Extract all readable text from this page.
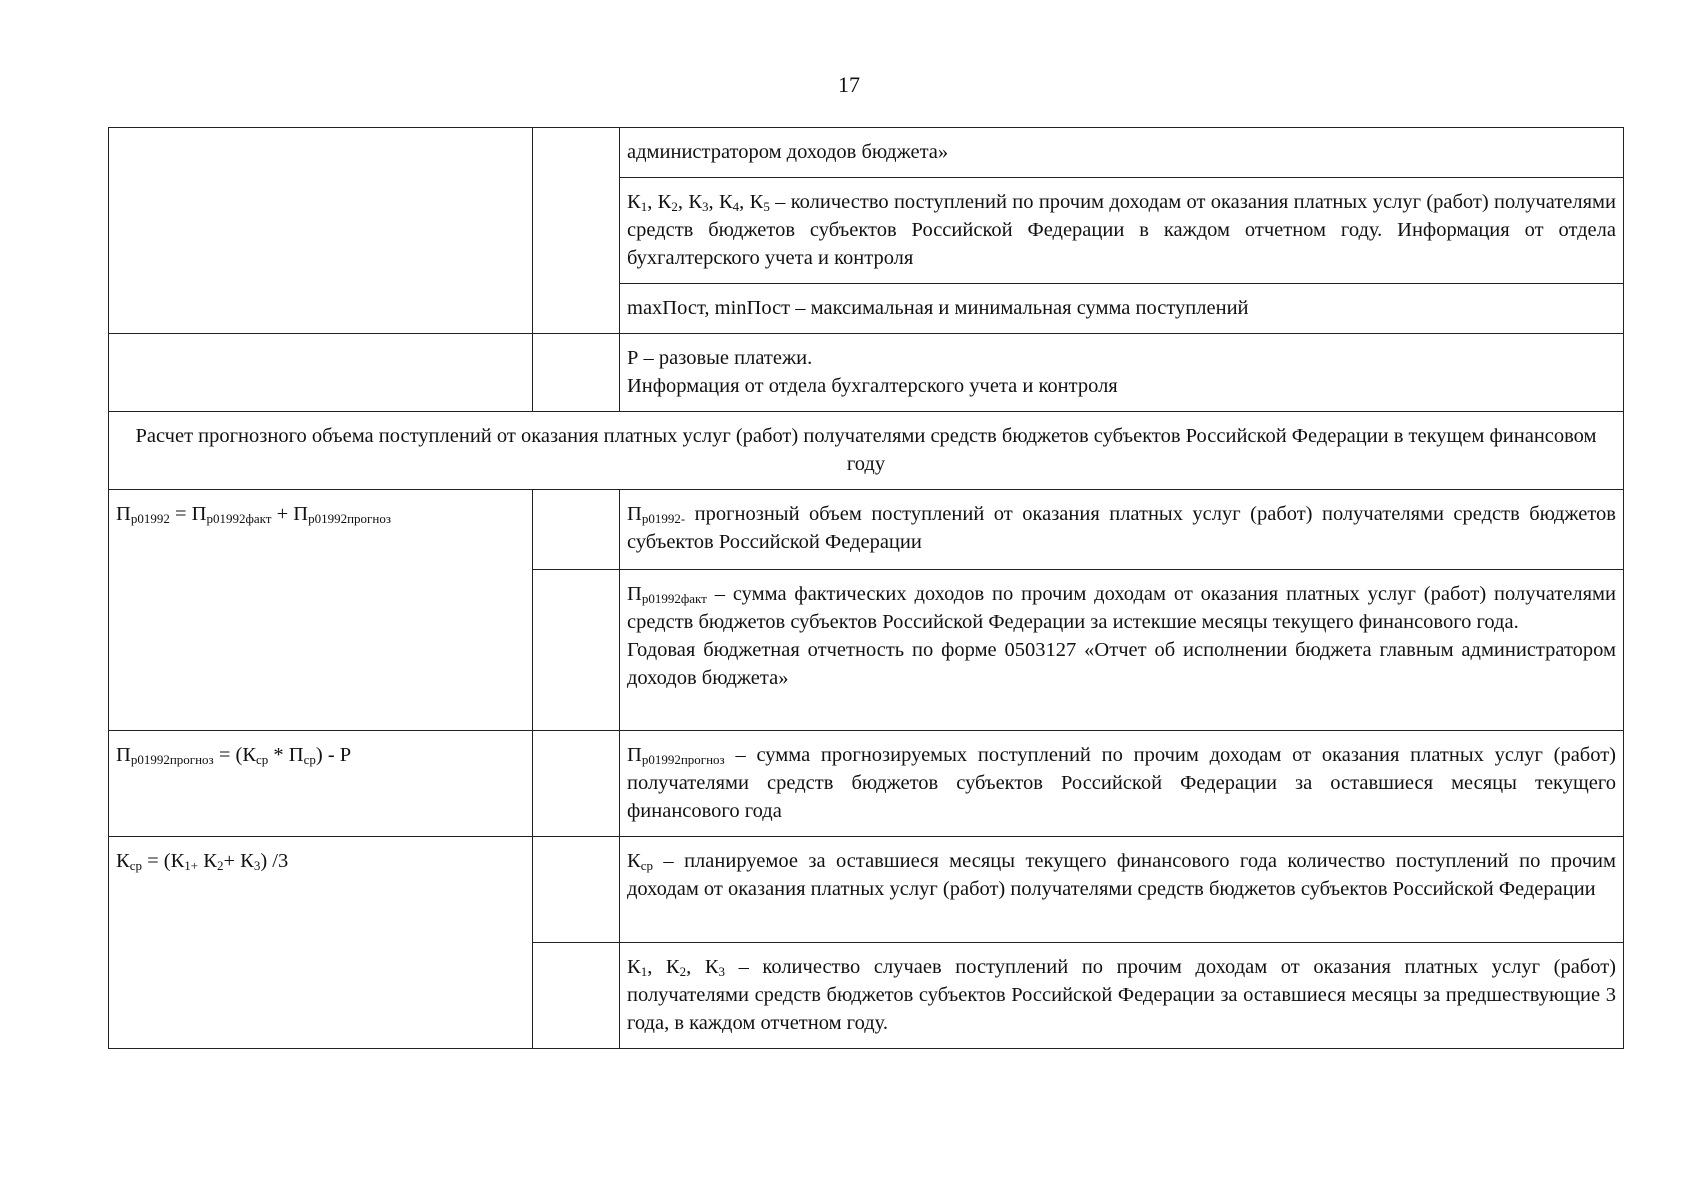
17

		администратором доходов бюджета»

		$К_1$, $К_2$, $К_3$, $К_4$, $К_5$ – количество поступлений по прочим доходам от оказания платных услуг (работ) получателями средств бюджетов субъектов Российской Федерации в каждом отчетном году. Информация от отдела бухгалтерского учета и контроля

		maxПост, minПост – максимальная и минимальная сумма поступлений

		Р – разовые платежи.
Информация от отдела бухгалтерского учета и контроля

Расчет прогнозного объема поступлений от оказания платных услуг (работ) получателями средств бюджетов субъектов Российской Федерации в текущем финансовом году		

$П_{р01992} = П_{р01992факт} + П_{р01992прогноз}$		$П_{р01992-}$ прогнозный объем поступлений от оказания платных услуг (работ) получателями средств бюджетов субъектов Российской Федерации

		$П_{р01992факт}$ – сумма фактических доходов по прочим доходам от оказания платных услуг (работ) получателями средств бюджетов субъектов Российской Федерации за истекшие месяцы текущего финансового года.
Годовая бюджетная отчетность по форме 0503127 «Отчет об исполнении бюджета главным администратором доходов бюджета»

$П_{р01992прогноз} = (К_{ср} * П_{ср}) - Р$		$П_{р01992прогноз}$ – сумма прогнозируемых поступлений по прочим доходам от оказания платных услуг (работ) получателями средств бюджетов субъектов Российской Федерации за оставшиеся месяцы текущего финансового года

$К_{ср} = (К_{1+}$ $К_2+ К_3$) /3		$К_{ср}$ – планируемое за оставшиеся месяцы текущего финансового года количество поступлений по прочим доходам от оказания платных услуг (работ) получателями средств бюджетов субъектов Российской Федерации

		$К_1$, $К_2$, $К_3$ – количество случаев поступлений по прочим доходам от оказания платных услуг (работ) получателями средств бюджетов субъектов Российской Федерации за оставшиеся месяцы за предшествующие 3 года, в каждом отчетном году.
